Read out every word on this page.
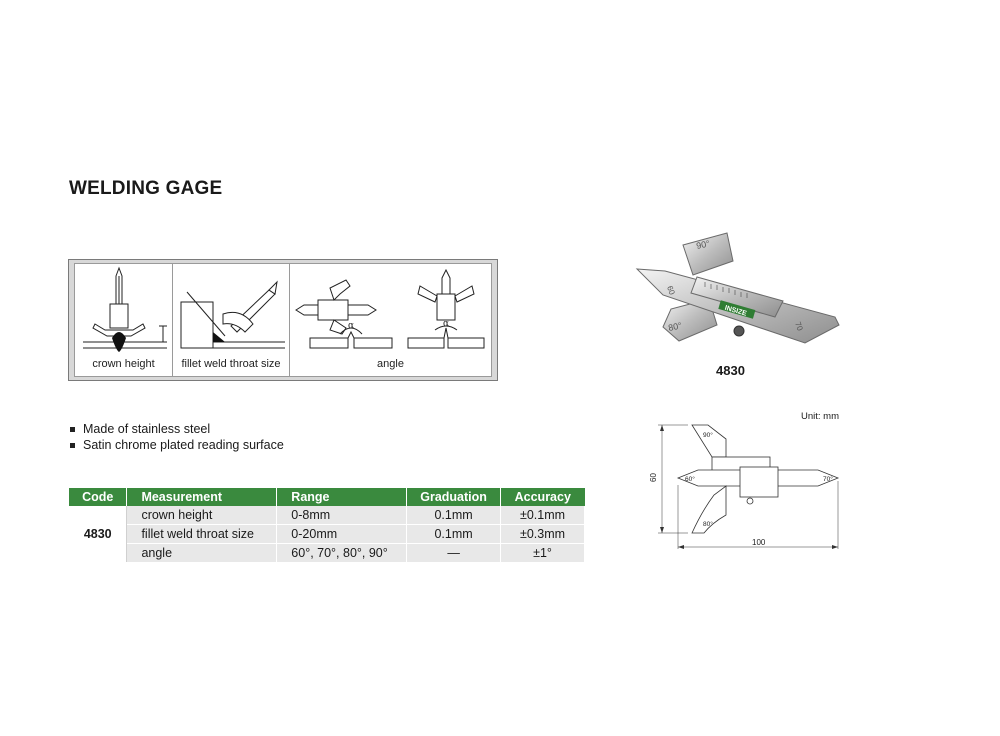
WELDING GAGE
crown height	fillet weld throat size
α	α
angle
Made of stainless steel
Satin chrome plated reading surface
Code	Measurement	Range	Graduation	Accuracy
4830	crown height	0-8mm	0.1mm	±0.1mm
	fillet weld throat size	0-20mm	0.1mm	±0.3mm
	angle	60°, 70°, 80°, 90°	—	±1°
INSIZE
90°
80°
60
70
4830
Unit: mm
60
100
90°
60°	70°
80°
